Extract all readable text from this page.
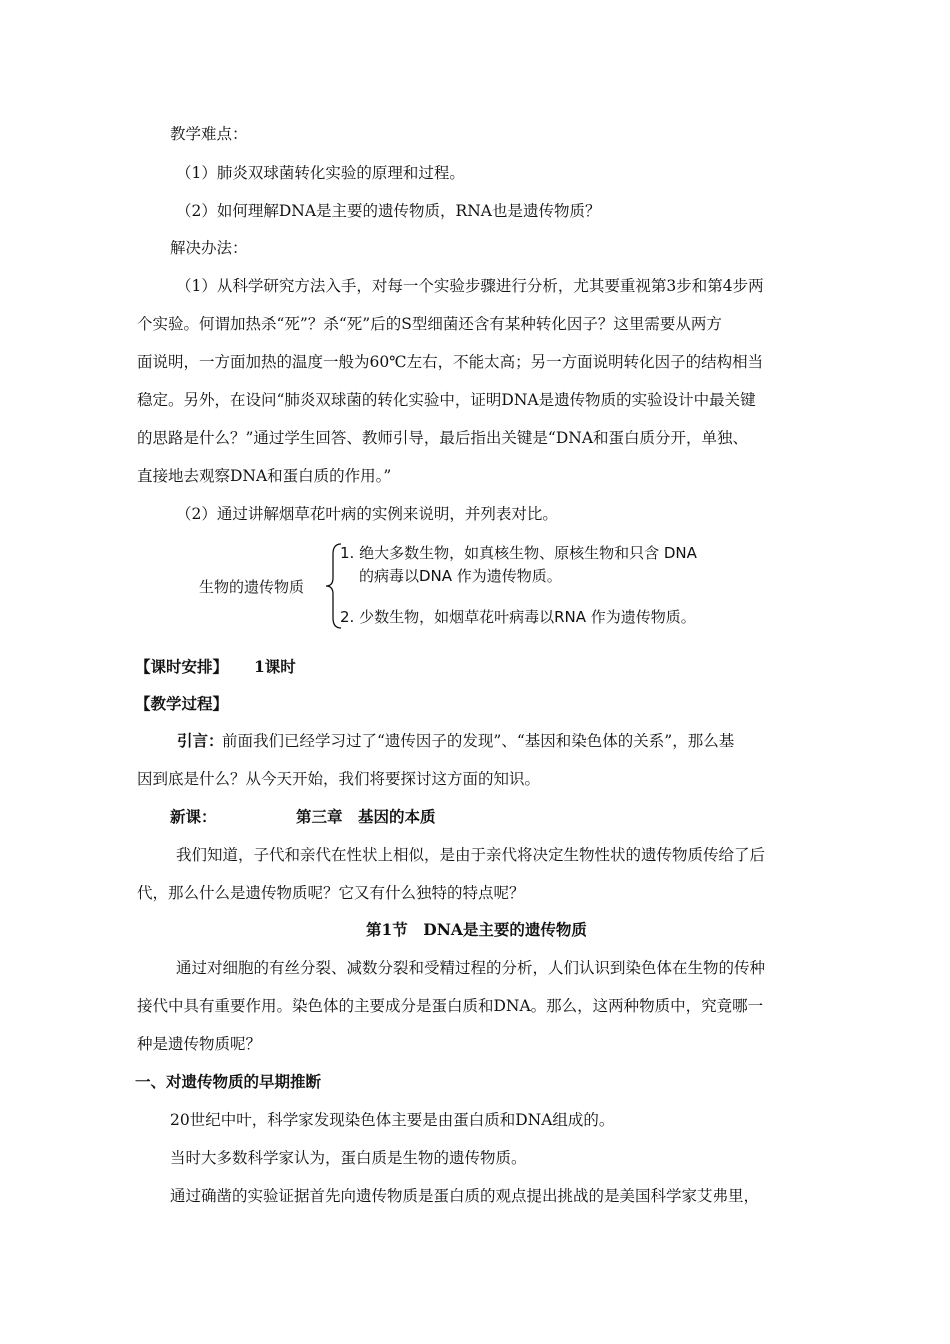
教学难点：
（1）肺炎双球菌转化实验的原理和过程。
（2）如何理解DNA是主要的遗传物质，RNA也是遗传物质？
解决办法：
（1）从科学研究方法入手，对每一个实验步骤进行分析，尤其要重视第3步和第4步两
个实验。何谓加热杀“死”？杀“死”后的S型细菌还含有某种转化因子？这里需要从两方
面说明，一方面加热的温度一般为60℃左右，不能太高；另一方面说明转化因子的结构相当
稳定。另外，在设问“肺炎双球菌的转化实验中，证明DNA是遗传物质的实验设计中最关键
的思路是什么？”通过学生回答、教师引导，最后指出关键是“DNA和蛋白质分开，单独、
直接地去观察DNA和蛋白质的作用。”
（2）通过讲解烟草花叶病的实例来说明，并列表对比。
生物的遗传物质
1. 绝大多数生物，如真核生物、原核生物和只含 DNA
的病毒以DNA 作为遗传物质。
2. 少数生物，如烟草花叶病毒以RNA 作为遗传物质。
【课时安排】 1课时
【教学过程】
引言：
前面我们已经学习过了“遗传因子的发现”、“基因和染色体的关系”，那么基
因到底是什么？从今天开始，我们将要探讨这方面的知识。
新课：	第三章　基因的本质
我们知道，子代和亲代在性状上相似，是由于亲代将决定生物性状的遗传物质传给了后
代，那么什么是遗传物质呢？它又有什么独特的特点呢？
第1节　DNA是主要的遗传物质
通过对细胞的有丝分裂、减数分裂和受精过程的分析，人们认识到染色体在生物的传种
接代中具有重要作用。染色体的主要成分是蛋白质和DNA。那么，这两种物质中，究竟哪一
种是遗传物质呢？
一、对遗传物质的早期推断
20世纪中叶，科学家发现染色体主要是由蛋白质和DNA组成的。
当时大多数科学家认为，蛋白质是生物的遗传物质。
通过确凿的实验证据首先向遗传物质是蛋白质的观点提出挑战的是美国科学家艾弗里，
